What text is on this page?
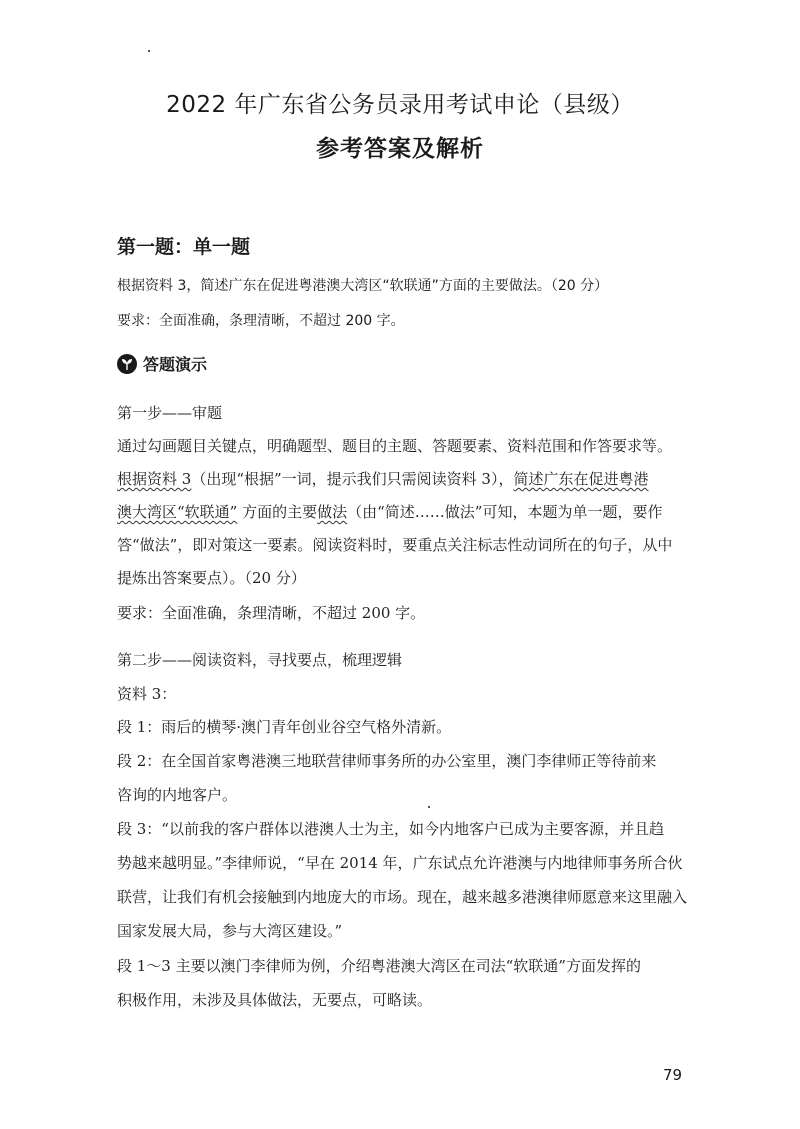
2022 年广东省公务员录用考试申论（县级）
参考答案及解析
第一题：单一题
根据资料 3，简述广东在促进粤港澳大湾区“软联通”方面的主要做法。（20 分）
要求：全面准确，条理清晰，不超过 200 字。
答题演示
第一步——审题
通过勾画题目关键点，明确题型、题目的主题、答题要素、资料范围和作答要求等。
根据资料 3（出现“根据”一词，提示我们只需阅读资料 3），简述广东在促进粤港
澳大湾区“软联通” 方面的主要做法（由“简述……做法”可知，本题为单一题，要作
答“做法”，即对策这一要素。阅读资料时，要重点关注标志性动词所在的句子，从中
提炼出答案要点）。（20 分）
要求：全面准确，条理清晰，不超过 200 字。
第二步——阅读资料，寻找要点，梳理逻辑
资料 3：
段 1：雨后的横琴·澳门青年创业谷空气格外清新。
段 2：在全国首家粤港澳三地联营律师事务所的办公室里，澳门李律师正等待前来
咨询的内地客户。
段 3：“以前我的客户群体以港澳人士为主，如今内地客户已成为主要客源，并且趋
势越来越明显。”李律师说，“早在 2014 年，广东试点允许港澳与内地律师事务所合伙
联营，让我们有机会接触到内地庞大的市场。现在，越来越多港澳律师愿意来这里融入
国家发展大局，参与大湾区建设。”
段 1～3 主要以澳门李律师为例，介绍粤港澳大湾区在司法“软联通”方面发挥的
积极作用，未涉及具体做法，无要点，可略读。
79
